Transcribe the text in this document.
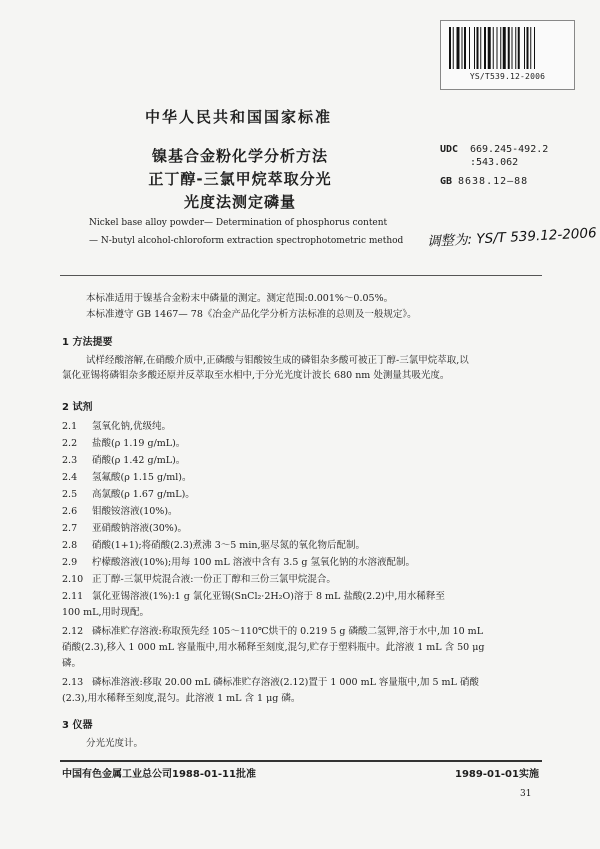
YS/T539.12-2006
中华人民共和国国家标准
镍基合金粉化学分析方法
正丁醇-三氯甲烷萃取分光
光度法测定磷量
UDC 669.245-492.2
:543.062
GB 8638.12—88
Nickel base alloy powder— Determination of phosphorus content
— N-butyl alcohol-chloroform extraction spectrophotometric method 调整为: YS/T 539.12-2006
本标准适用于镍基合金粉末中磷量的测定。测定范围:0.001%～0.05%。
本标准遵守 GB 1467— 78《冶金产品化学分析方法标准的总则及一般规定》。
1 方法提要
试样经酸溶解,在硝酸介质中,正磷酸与钼酸铵生成的磷钼杂多酸可被正丁醇-三氯甲烷萃取,以
氯化亚锡将磷钼杂多酸还原并反萃取至水相中,于分光光度计波长 680 nm 处测量其吸光度。
2 试剂
2.1 氢氧化钠,优级纯。
2.2 盐酸(ρ 1.19 g/mL)。
2.3 硝酸(ρ 1.42 g/mL)。
2.4 氢氟酸(ρ 1.15 g/ml)。
2.5 高氯酸(ρ 1.67 g/mL)。
2.6 钼酸铵溶液(10%)。
2.7 亚硝酸钠溶液(30%)。
2.8 硝酸(1+1);将硝酸(2.3)煮沸 3～5 min,驱尽氮的氧化物后配制。
2.9 柠檬酸溶液(10%);用每 100 mL 溶液中含有 3.5 g 氢氧化钠的水溶液配制。
2.10 正丁醇-三氯甲烷混合液:一份正丁醇和三份三氯甲烷混合。
2.11 氯化亚锡溶液(1%):1 g 氯化亚锡(SnCl₂·2H₂O)溶于 8 mL 盐酸(2.2)中,用水稀释至
100 mL,用时现配。
2.12 磷标准贮存溶液:称取预先经 105～110℃烘干的 0.219 5 g 磷酸二氢钾,溶于水中,加 10 mL
硝酸(2.3),移入 1 000 mL 容量瓶中,用水稀释至刻度,混匀,贮存于塑料瓶中。此溶液 1 mL 含 50 μg
磷。
2.13 磷标准溶液:移取 20.00 mL 磷标准贮存溶液(2.12)置于 1 000 mL 容量瓶中,加 5 mL 硝酸
(2.3),用水稀释至刻度,混匀。此溶液 1 mL 含 1 μg 磷。
3 仪器
分光光度计。
中国有色金属工业总公司1988-01-11批准	1989-01-01实施
31
